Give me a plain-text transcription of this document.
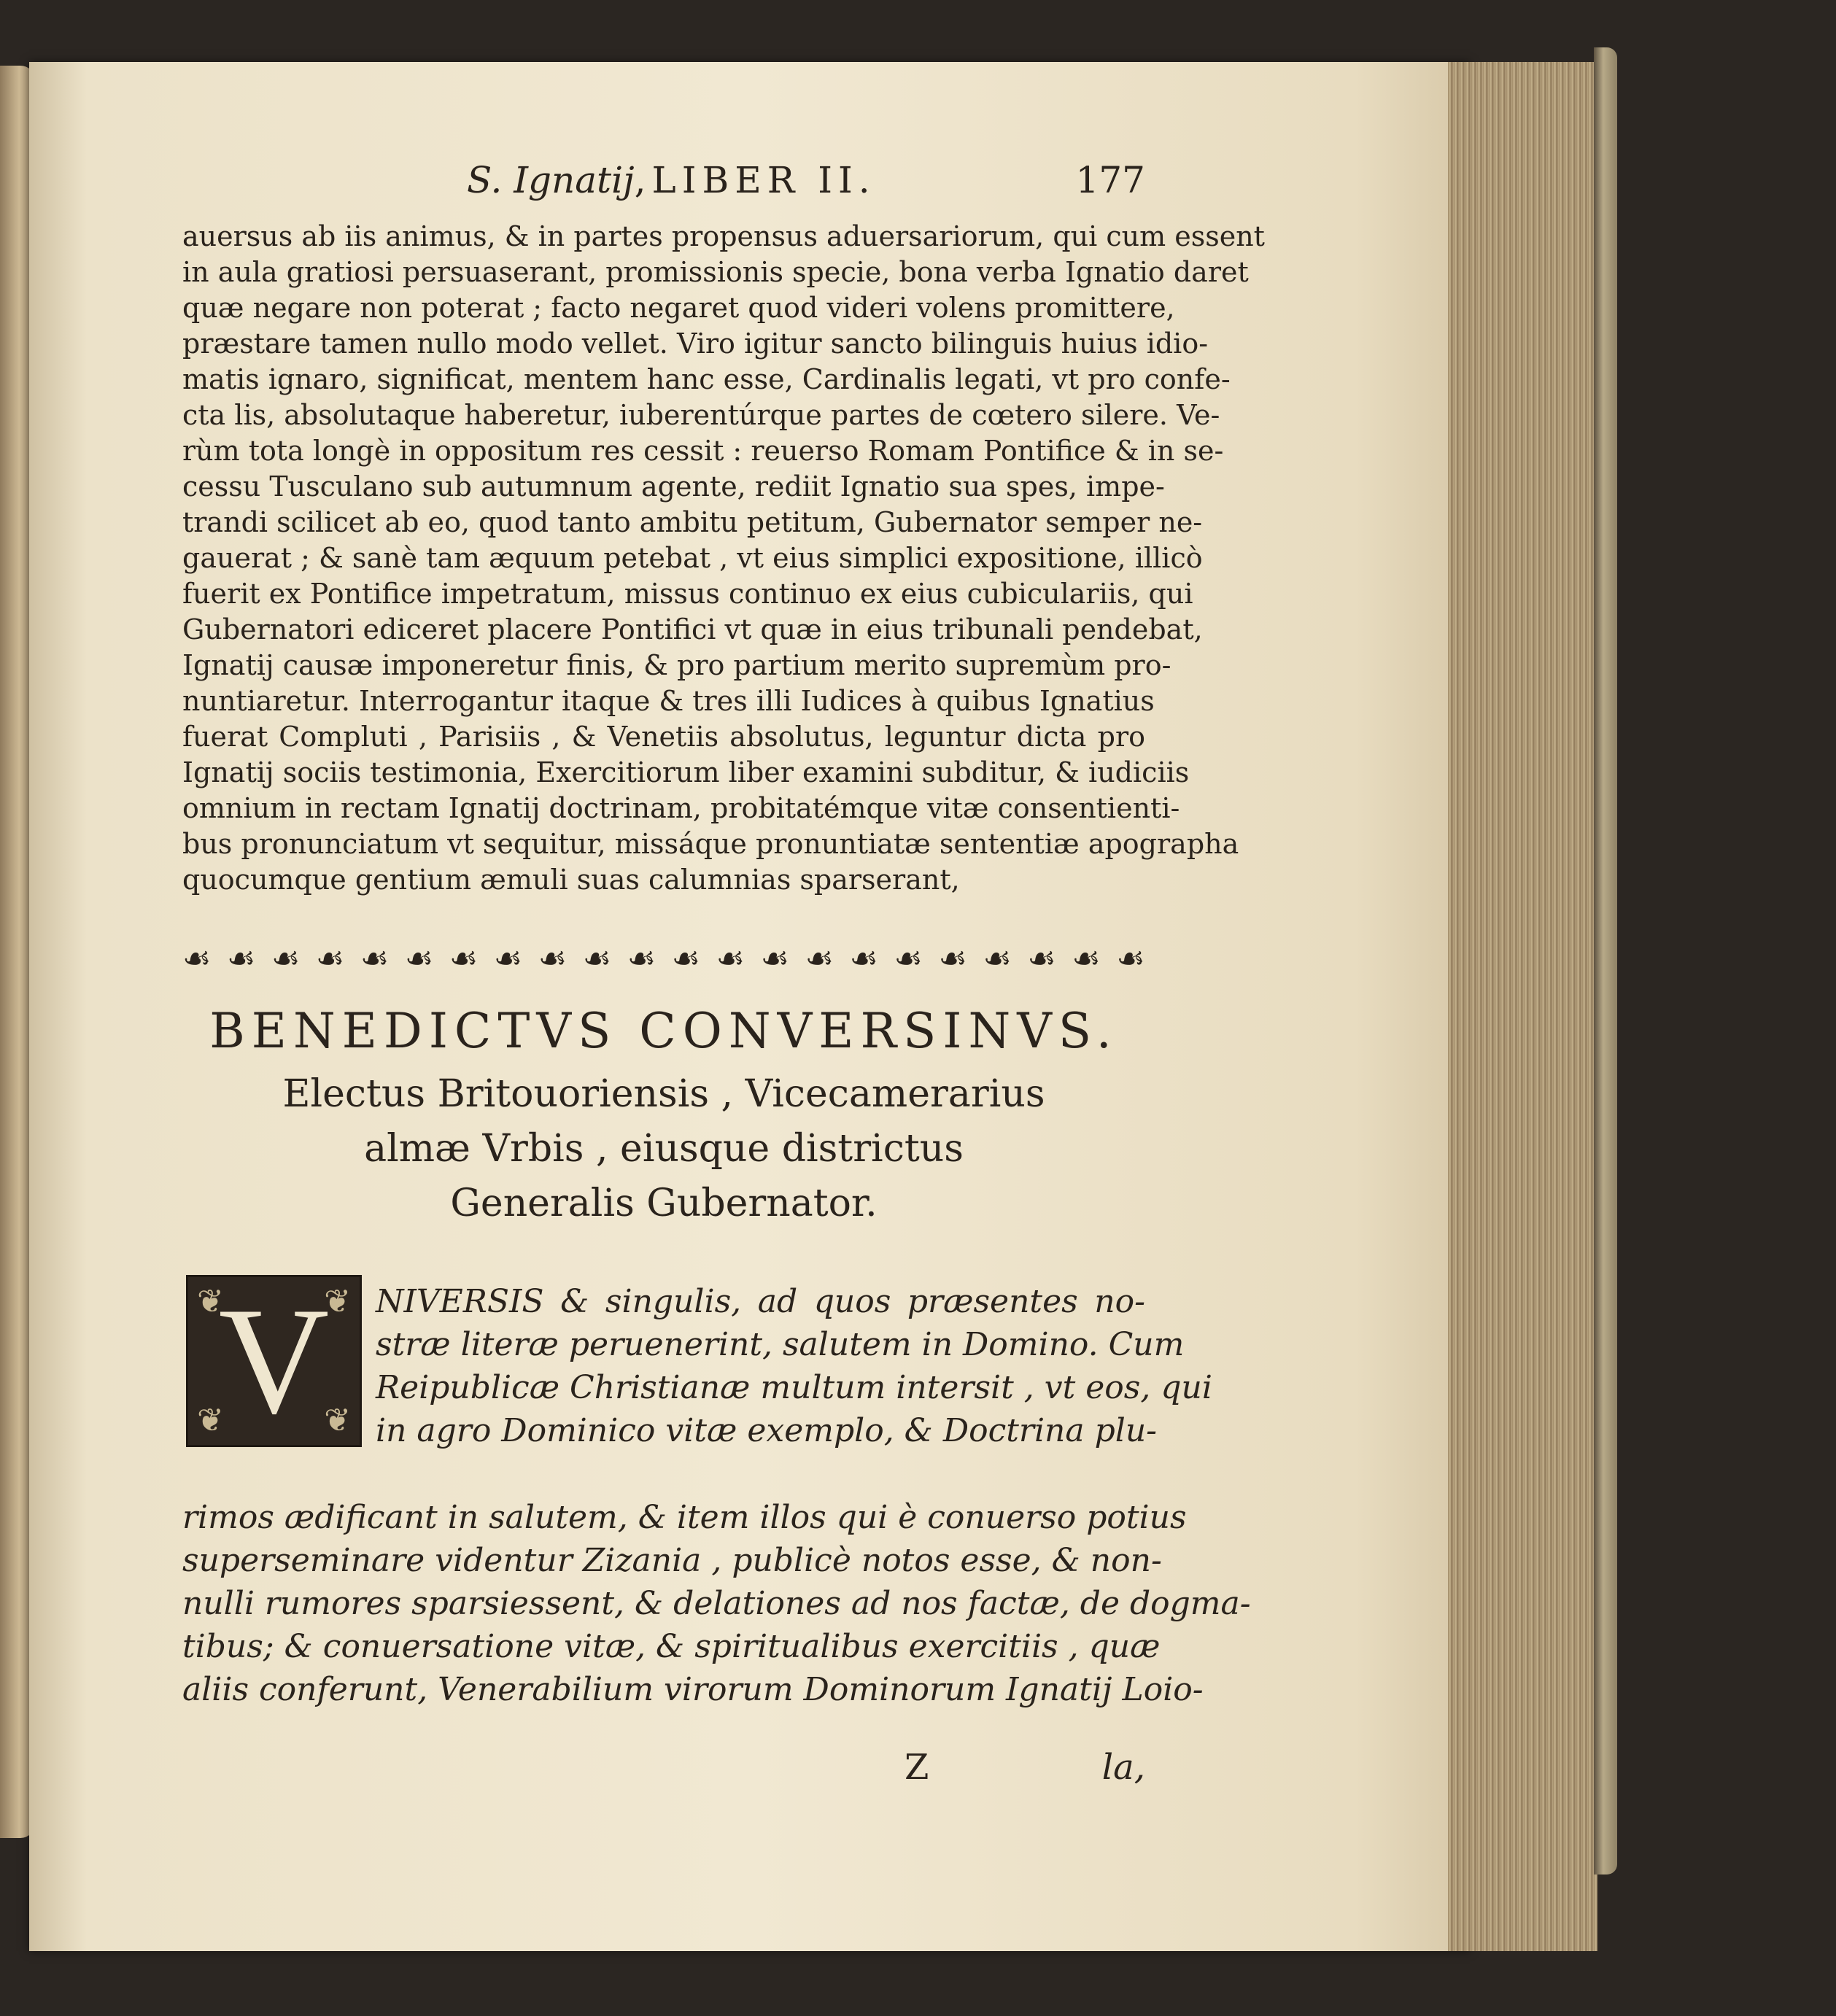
S. Ignatij,LIBER II.	177
auersus ab iis animus, & in partes propensus aduersariorum, qui cum essent
in aula gratiosi persuaserant, promissionis specie, bona verba Ignatio daret
quæ negare non poterat ; facto negaret quod videri volens promittere,
præstare tamen nullo modo vellet. Viro igitur sancto bilinguis huius idio-
matis ignaro, significat, mentem hanc esse, Cardinalis legati, vt pro confe-
cta lis, absolutaque haberetur, iuberentúrque partes de cœtero silere. Ve-
rùm tota longè in oppositum res cessit : reuerso Romam Pontifice & in se-
cessu Tusculano sub autumnum agente, rediit Ignatio sua spes, impe-
trandi scilicet ab eo, quod tanto ambitu petitum, Gubernator semper ne-
gauerat ; & sanè tam æquum petebat , vt eius simplici expositione, illicò
fuerit ex Pontifice impetratum, missus continuo ex eius cubiculariis, qui
Gubernatori ediceret placere Pontifici vt quæ in eius tribunali pendebat,
Ignatij causæ imponeretur finis, & pro partium merito supremùm pro-
nuntiaretur. Interrogantur itaque & tres illi Iudices à quibus Ignatius
fuerat Compluti , Parisiis , & Venetiis absolutus, leguntur dicta pro
Ignatij sociis testimonia, Exercitiorum liber examini subditur, & iudiciis
omnium in rectam Ignatij doctrinam, probitatémque vitæ consentienti-
bus pronunciatum vt sequitur, missáque pronuntiatæ sententiæ apographa
quocumque gentium æmuli suas calumnias sparserant,
☙ ☙ ☙ ☙ ☙ ☙ ☙ ☙ ☙ ☙ ☙ ☙ ☙ ☙ ☙ ☙ ☙ ☙ ☙ ☙ ☙ ☙
BENEDICTVS CONVERSINVS.
Electus Britouoriensis , Vicecamerarius
almæ Vrbis , eiusque districtus
Generalis Gubernator.
❦	❦
❦	❦
V	NIVERSIS & singulis, ad quos præsentes no-
stræ literæ peruenerint, salutem in Domino. Cum
Reipublicæ Christianæ multum intersit , vt eos, qui
in agro Dominico vitæ exemplo, & Doctrina plu-
rimos ædificant in salutem, & item illos qui è conuerso potius
superseminare videntur Zizania , publicè notos esse, & non-
nulli rumores sparsiessent, & delationes ad nos factæ, de dogma-
tibus; & conuersatione vitæ, & spiritualibus exercitiis , quæ
aliis conferunt, Venerabilium virorum Dominorum Ignatij Loio-
Z	la,
